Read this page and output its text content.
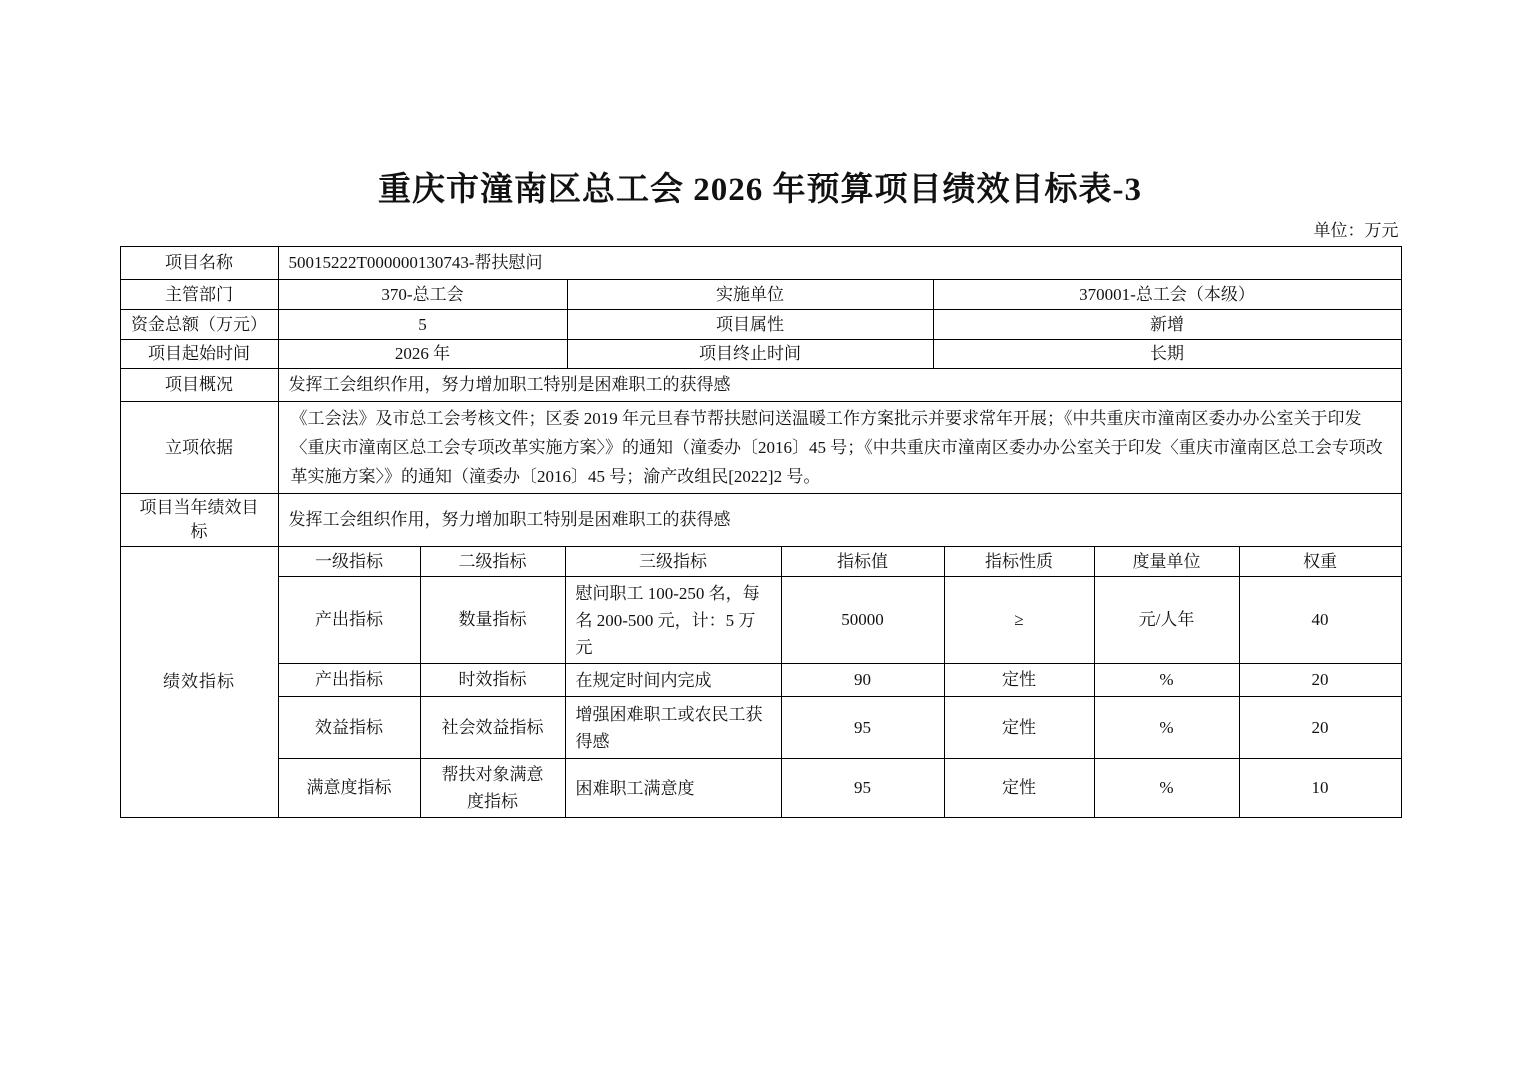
重庆市潼南区总工会 2026 年预算项目绩效目标表-3
单位：万元
项目名称	50015222T000000130743-帮扶慰问		
主管部门	370-总工会	实施单位	370001-总工会（本级）
资金总额（万元）	5	项目属性	新增
项目起始时间	2026 年	项目终止时间	长期
项目概况	发挥工会组织作用，努力增加职工特别是困难职工的获得感		
立项依据	《工会法》及市总工会考核文件；区委 2019 年元旦春节帮扶慰问送温暖工作方案批示并要求常年开展；《中共重庆市潼南区委办办公室关于印发〈重庆市潼南区总工会专项改革实施方案〉》的通知（潼委办〔2016〕45 号；《中共重庆市潼南区委办办公室关于印发〈重庆市潼南区总工会专项改革实施方案〉》的通知（潼委办〔2016〕45 号；渝产改组民[2022]2 号。		
项目当年绩效目标	发挥工会组织作用，努力增加职工特别是困难职工的获得感		
绩效指标	一级指标	二级指标	三级指标	指标值	指标性质	度量单位	权重
	产出指标	数量指标	慰问职工 100-250 名，每名 200-500 元，计：5 万元	50000	≥	元/人年	40
	产出指标	时效指标	在规定时间内完成	90	定性	%	20
	效益指标	社会效益指标	增强困难职工或农民工获得感	95	定性	%	20
	满意度指标	帮扶对象满意度指标	困难职工满意度	95	定性	%	10
